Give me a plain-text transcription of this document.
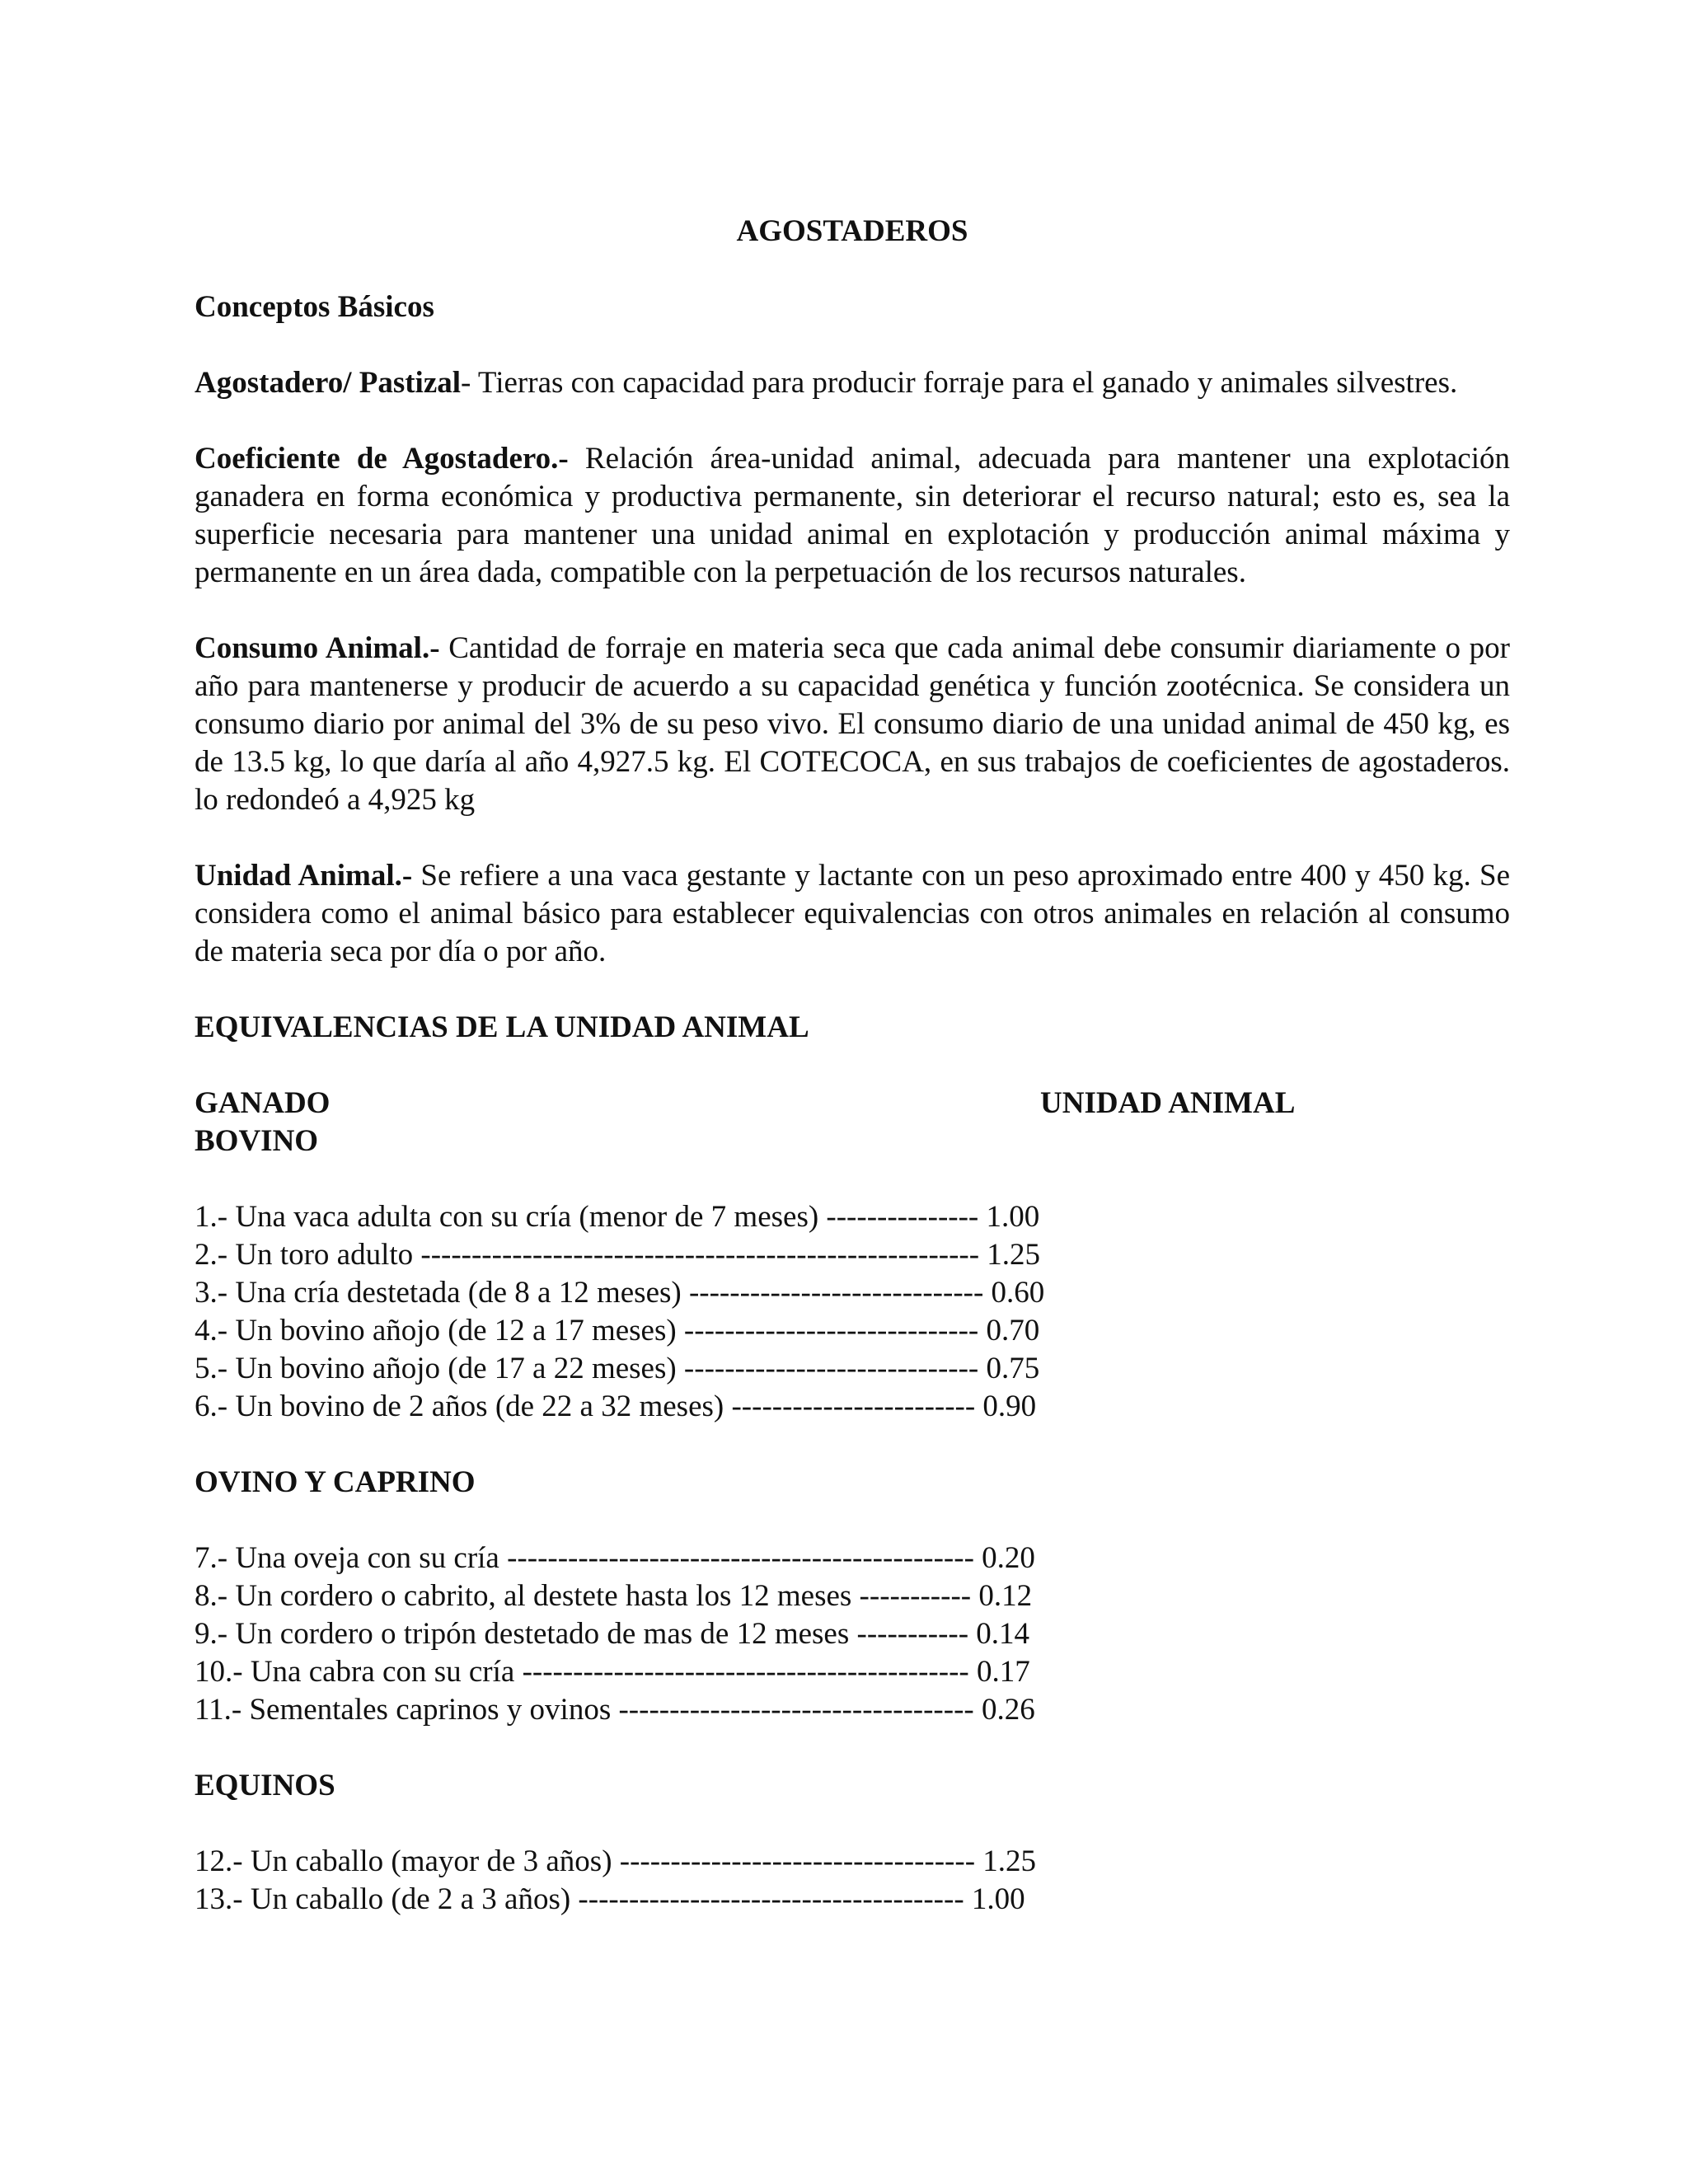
AGOSTADEROS
Conceptos Básicos
Agostadero/ Pastizal- Tierras con capacidad para producir forraje para el ganado y animales silvestres.
Coeficiente de Agostadero.- Relación área-unidad animal, adecuada para mantener una explotación ganadera en forma económica y productiva permanente, sin deteriorar el recurso natural; esto es, sea la superficie necesaria para mantener una unidad animal en explotación y producción animal máxima y permanente en un área dada, compatible con la perpetuación de los recursos naturales.
Consumo Animal.- Cantidad de forraje en materia seca que cada animal debe consumir diariamente o por año para mantenerse y producir de acuerdo a su capacidad genética y función zootécnica. Se considera un consumo diario por animal del 3% de su peso vivo. El consumo diario de una unidad animal de 450 kg, es de 13.5 kg, lo que daría al año 4,927.5 kg. El COTECOCA, en sus trabajos de coeficientes de agostaderos. lo redondeó a 4,925 kg
Unidad Animal.- Se refiere a una vaca gestante y lactante con un peso aproximado entre 400 y 450 kg. Se considera como el animal básico para establecer equivalencias con otros animales en relación al consumo de materia seca por día o por año.
EQUIVALENCIAS DE LA UNIDAD ANIMAL
GANADO BOVINO
UNIDAD ANIMAL
1.- Una vaca adulta con su cría (menor de 7 meses) --------------- 1.00
2.- Un toro adulto ------------------------------------------------------- 1.25
3.- Una cría destetada (de 8 a 12 meses) ----------------------------- 0.60
4.- Un bovino añojo (de 12 a 17 meses) ----------------------------- 0.70
5.- Un bovino añojo (de 17 a 22 meses) ----------------------------- 0.75
6.- Un bovino de 2 años (de 22 a 32 meses) ------------------------ 0.90
OVINO Y CAPRINO
7.- Una oveja con su cría ---------------------------------------------- 0.20
8.- Un cordero o cabrito, al destete hasta los 12 meses ----------- 0.12
9.- Un cordero o tripón destetado de mas de 12 meses ----------- 0.14
10.- Una cabra con su cría -------------------------------------------- 0.17
11.- Sementales caprinos y ovinos ----------------------------------- 0.26
EQUINOS
12.- Un caballo (mayor de 3 años) ----------------------------------- 1.25
13.- Un caballo (de 2 a 3 años) -------------------------------------- 1.00
